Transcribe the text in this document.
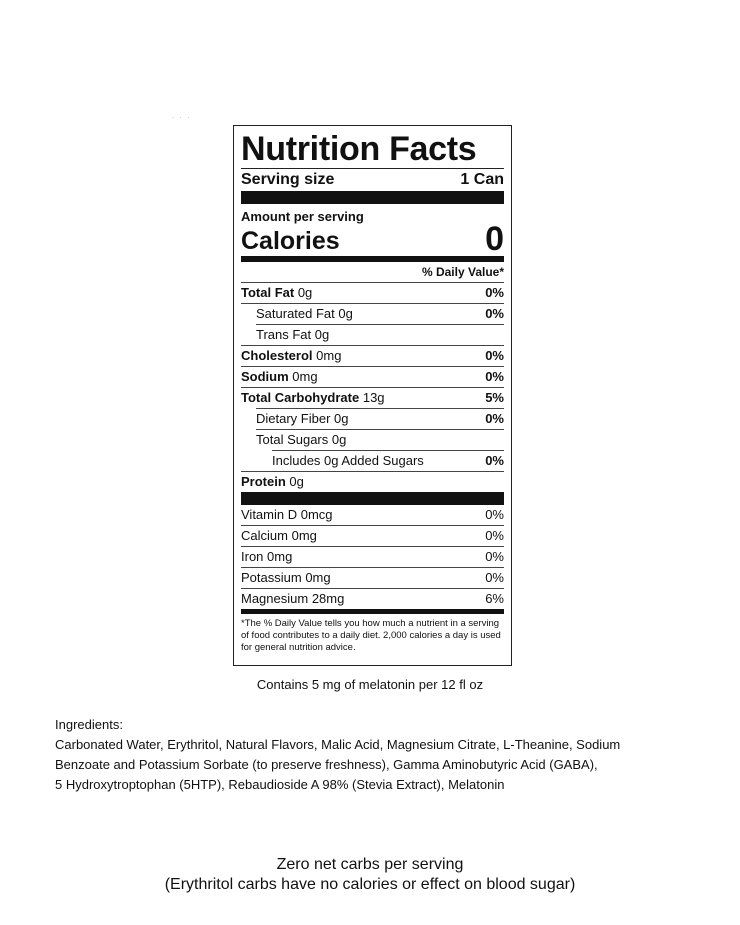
· · ·
Nutrition Facts
Serving size	1 Can
Amount per serving
Calories	0
% Daily Value*
Total Fat 0g	0%
Saturated Fat 0g	0%
Trans Fat 0g
Cholesterol 0mg	0%
Sodium 0mg	0%
Total Carbohydrate 13g	5%
Dietary Fiber 0g	0%
Total Sugars 0g
Includes 0g Added Sugars	0%
Protein 0g
Vitamin D 0mcg	0%
Calcium 0mg	0%
Iron 0mg	0%
Potassium 0mg	0%
Magnesium 28mg	6%
*The % Daily Value tells you how much a nutrient in a serving of food contributes to a daily diet. 2,000 calories a day is used for general nutrition advice.
Contains 5 mg of melatonin per 12 fl oz

Ingredients:

Carbonated Water, Erythritol, Natural Flavors, Malic Acid, Magnesium Citrate, L-Theanine, Sodium

Benzoate and Potassium Sorbate (to preserve freshness), Gamma Aminobutyric Acid (GABA),

5 Hydroxytroptophan (5HTP), Rebaudioside A 98% (Stevia Extract), Melatonin

Zero net carbs per serving

(Erythritol carbs have no calories or effect on blood sugar)
